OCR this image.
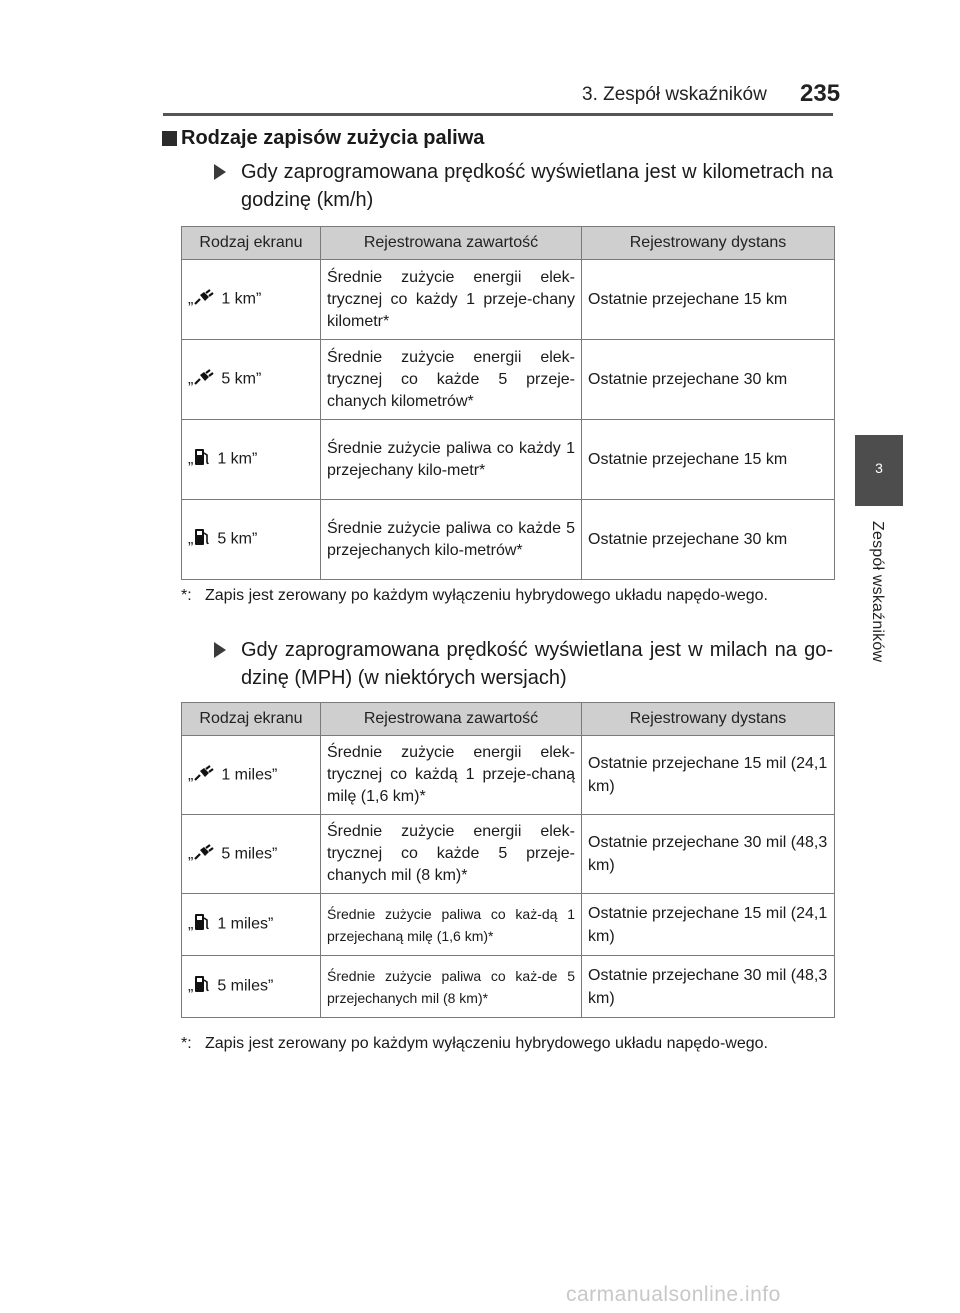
3. Zespół wskaźników 235
3
Zespół wskaźników
Rodzaje zapisów zużycia paliwa
Gdy zaprogramowana prędkość wyświetlana jest w kilometrach na godzinę (km/h)
Rodzaj ekranu	Rejestrowana zawartość	Rejestrowany dystans
„ 1 km”	Średnie zużycie energii elek-trycznej co każdy 1 przeje-chany kilometr*	Ostatnie przejechane 15 km
„ 5 km”	Średnie zużycie energii elek-trycznej co każde 5 przeje-chanych kilometrów*	Ostatnie przejechane 30 km
„ 1 km”	Średnie zużycie paliwa co każdy 1 przejechany kilo-metr*	Ostatnie przejechane 15 km
„ 5 km”	Średnie zużycie paliwa co każde 5 przejechanych kilo-metrów*	Ostatnie przejechane 30 km
*: Zapis jest zerowany po każdym wyłączeniu hybrydowego układu napędo-wego.
Gdy zaprogramowana prędkość wyświetlana jest w milach na go-dzinę (MPH) (w niektórych wersjach)
Rodzaj ekranu	Rejestrowana zawartość	Rejestrowany dystans
„ 1 miles”	Średnie zużycie energii elek-trycznej co każdą 1 przeje-chaną milę (1,6 km)*	Ostatnie przejechane 15 mil (24,1 km)
„ 5 miles”	Średnie zużycie energii elek-trycznej co każde 5 przeje-chanych mil (8 km)*	Ostatnie przejechane 30 mil (48,3 km)
„ 1 miles”	Średnie zużycie paliwa co każ-dą 1 przejechaną milę (1,6 km)*	Ostatnie przejechane 15 mil (24,1 km)
„ 5 miles”	Średnie zużycie paliwa co każ-de 5 przejechanych mil (8 km)*	Ostatnie przejechane 30 mil (48,3 km)
*: Zapis jest zerowany po każdym wyłączeniu hybrydowego układu napędo-wego.
carmanualsonline.info
